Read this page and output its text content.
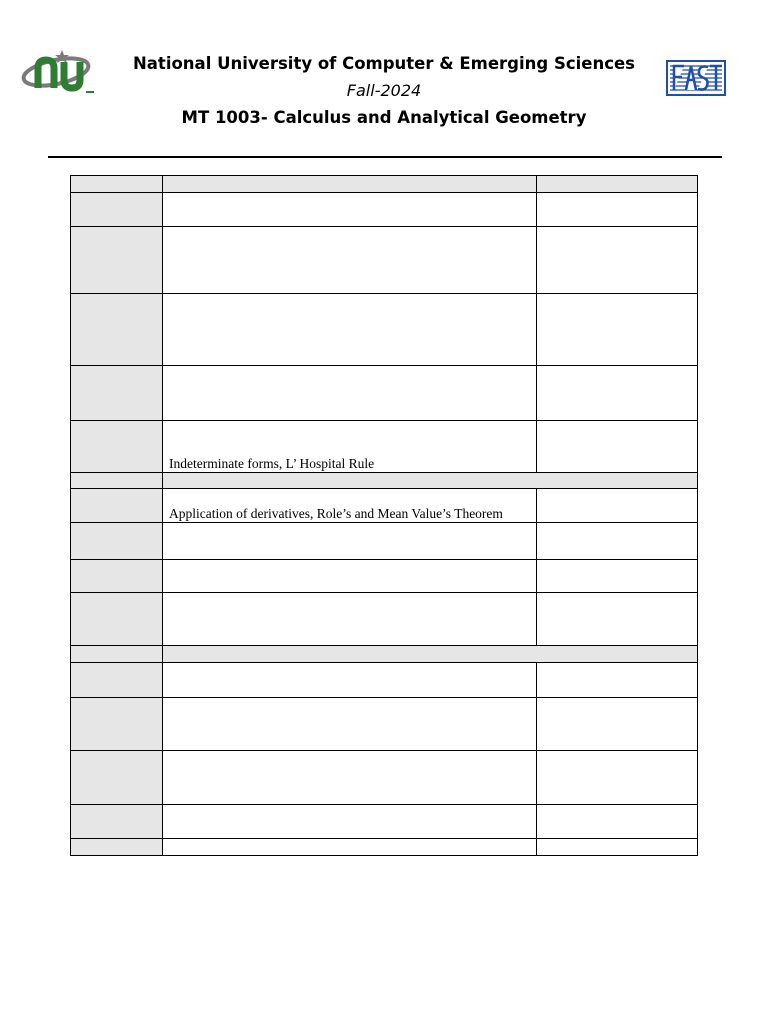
National University of Computer & Emerging Sciences
Fall-2024
MT 1003- Calculus and Analytical Geometry

	Indeterminate forms, L’ Hospital Rule	

	Application of derivatives, Role’s and Mean Value’s Theorem	
